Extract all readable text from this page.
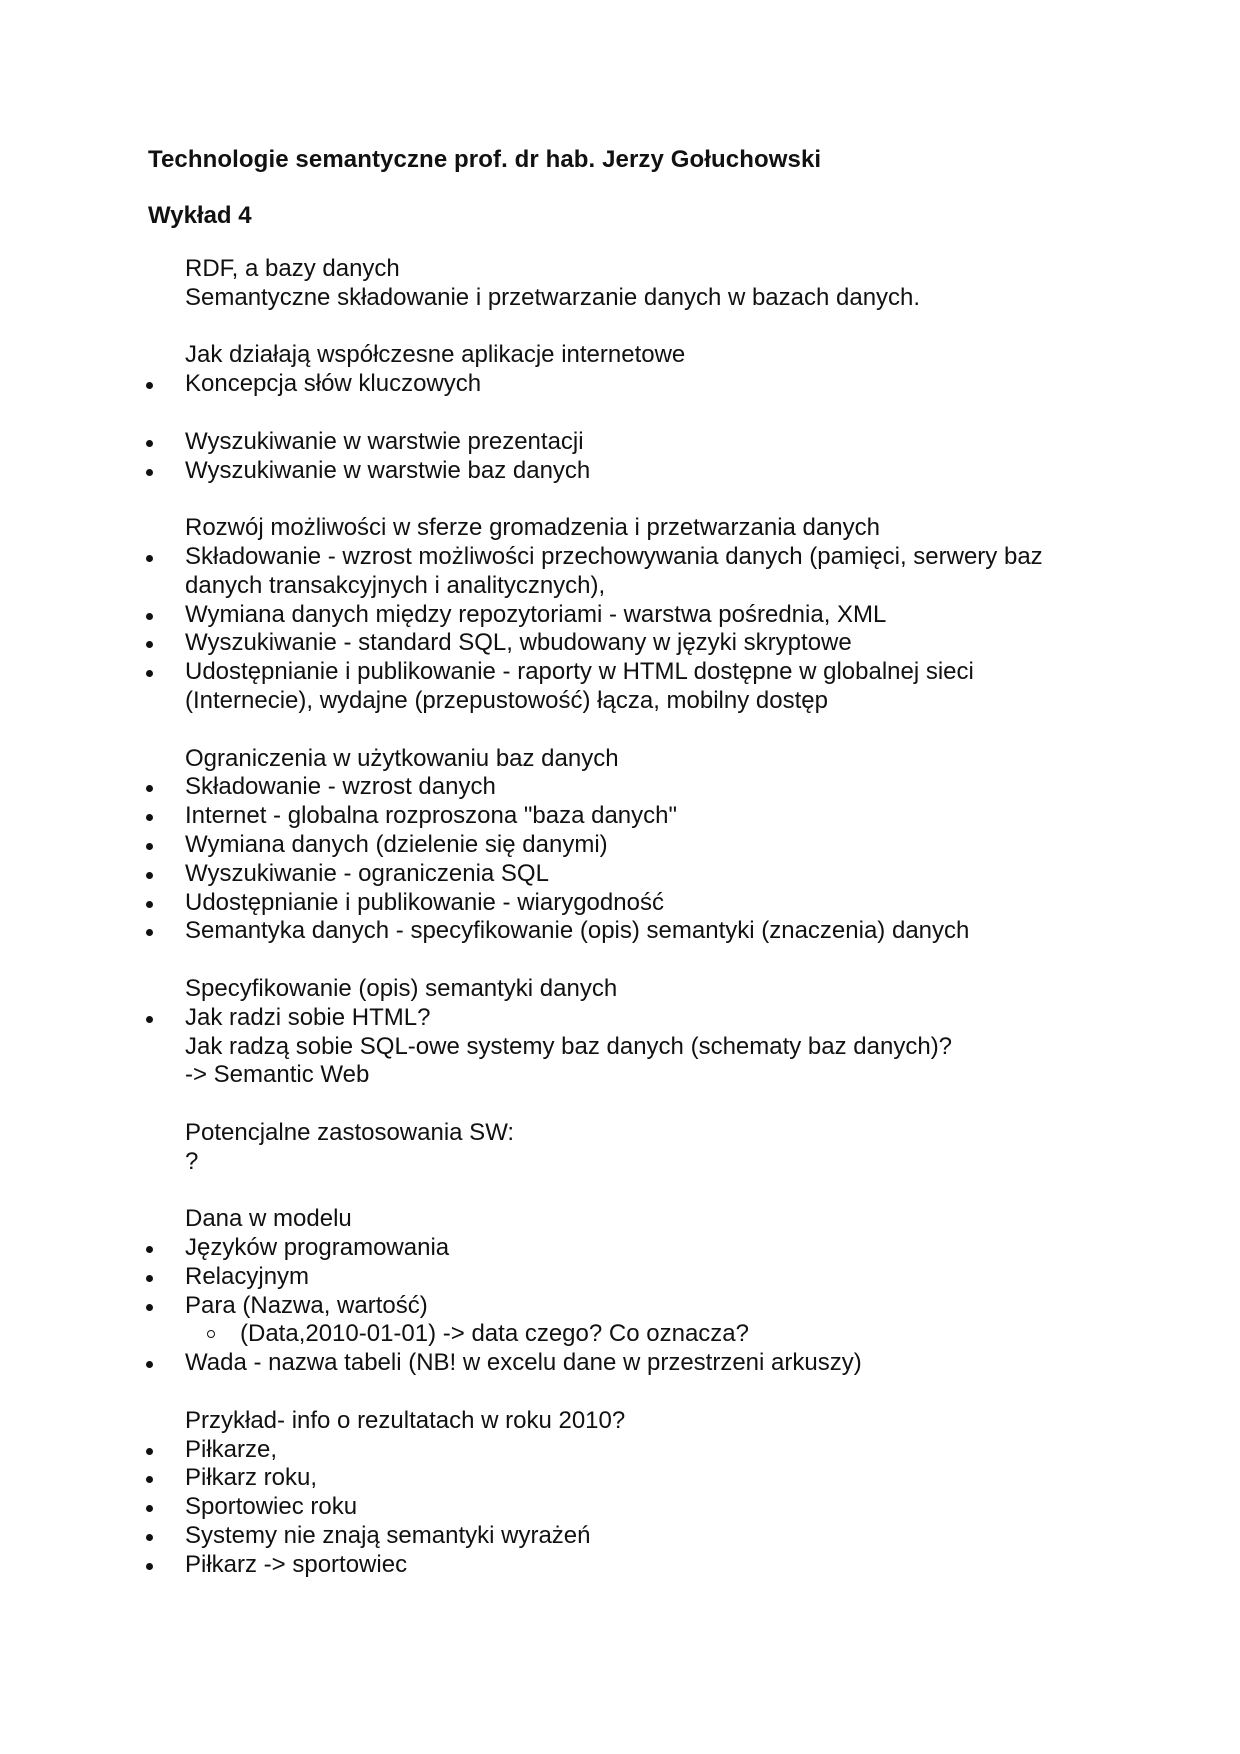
Technologie semantyczne prof. dr hab. Jerzy Gołuchowski
Wykład 4
RDF, a bazy danych
Semantyczne składowanie i przetwarzanie danych w bazach danych.
Jak działają współczesne aplikacje internetowe
Koncepcja słów kluczowych
Wyszukiwanie w warstwie prezentacji
Wyszukiwanie w warstwie baz danych
Rozwój możliwości w sferze gromadzenia i przetwarzania danych
Składowanie - wzrost możliwości przechowywania danych (pamięci, serwery baz
danych transakcyjnych i analitycznych),
Wymiana danych między repozytoriami - warstwa pośrednia, XML
Wyszukiwanie - standard SQL, wbudowany w języki skryptowe
Udostępnianie i publikowanie - raporty w HTML dostępne w globalnej sieci
(Internecie), wydajne (przepustowość) łącza, mobilny dostęp
Ograniczenia w użytkowaniu baz danych
Składowanie - wzrost danych
Internet - globalna rozproszona "baza danych"
Wymiana danych (dzielenie się danymi)
Wyszukiwanie - ograniczenia SQL
Udostępnianie i publikowanie - wiarygodność
Semantyka danych - specyfikowanie (opis) semantyki (znaczenia) danych
Specyfikowanie (opis) semantyki danych
Jak radzi sobie HTML?
Jak radzą sobie SQL-owe systemy baz danych (schematy baz danych)?
-> Semantic Web
Potencjalne zastosowania SW:
?
Dana w modelu
Języków programowania
Relacyjnym
Para (Nazwa, wartość)
(Data,2010-01-01) -> data czego? Co oznacza?
Wada - nazwa tabeli (NB! w excelu dane w przestrzeni arkuszy)
Przykład- info o rezultatach w roku 2010?
Piłkarze,
Piłkarz roku,
Sportowiec roku
Systemy nie znają semantyki wyrażeń
Piłkarz -> sportowiec
